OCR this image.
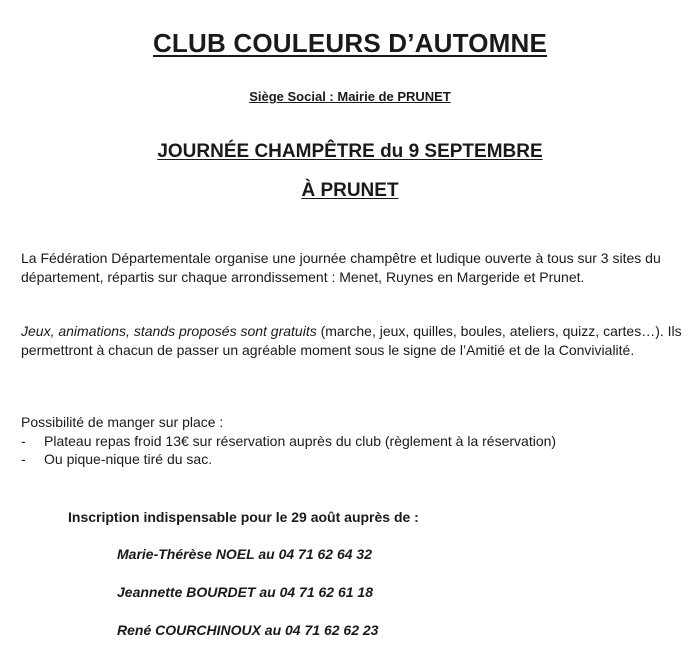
CLUB COULEURS D’AUTOMNE
Siège Social : Mairie de PRUNET
JOURNÉE CHAMPÊTRE du 9 SEPTEMBRE
À PRUNET

La Fédération Départementale organise une journée champêtre et ludique ouverte à tous sur 3 sites du département, répartis sur chaque arrondissement : Menet, Ruynes en Margeride et Prunet.

Jeux, animations, stands proposés sont gratuits (marche, jeux, quilles, boules, ateliers, quizz, cartes…). Ils permettront à chacun de passer un agréable moment sous le signe de l’Amitié et de la Convivialité.

Possibilité de manger sur place :

- Plateau repas froid 13€ sur réservation auprès du club (règlement à la réservation)
- Ou pique-nique tiré du sac.
Inscription indispensable pour le 29 août auprès de :
Marie-Thérèse NOEL au 04 71 62 64 32
Jeannette BOURDET au 04 71 62 61 18
René COURCHINOUX au 04 71 62 62 23
